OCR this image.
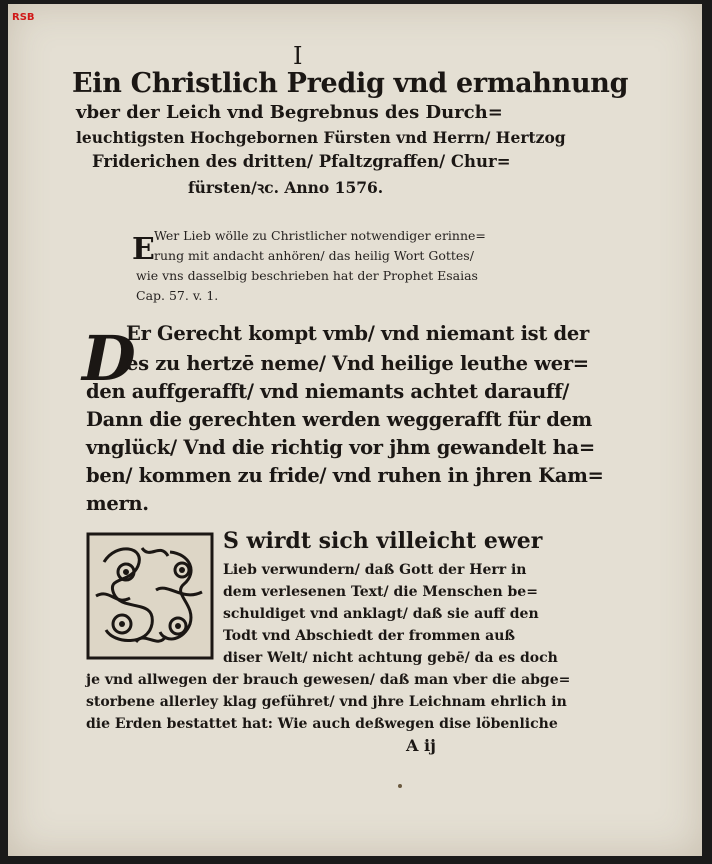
RSB
I
Ein Christlich Predig vnd ermahnung
vber der Leich vnd Begrebnus des Durch=
leuchtigsten Hochgebornen Fürsten vnd Herrn/ Hertzog
Friderichen des dritten/ Pfaltzgraffen/ Chur=
fürsten/ꝛc. Anno 1576.
E Wer Lieb wölle zu Christlicher notwendiger erinne=
rung mit andacht anhören/ das heilig Wort Gottes/
wie vns dasselbig beschrieben hat der Prophet Esaias
Cap. 57. v. 1.
D
Er Gerecht kompt vmb/ vnd niemant ist der
es zu hertzē neme/ Vnd heilige leuthe wer=
den auffgerafft/ vnd niemants achtet darauff/
Dann die gerechten werden weggerafft für dem
vnglück/ Vnd die richtig vor jhm gewandelt ha=
ben/ kommen zu fride/ vnd ruhen in jhren Kam=
mern.
S wirdt sich villeicht ewer
Lieb verwundern/ daß Gott der Herr in
dem verlesenen Text/ die Menschen be=
schuldiget vnd anklagt/ daß sie auff den
Todt vnd Abschiedt der frommen auß
diser Welt/ nicht achtung gebē/ da es doch
je vnd allwegen der brauch gewesen/ daß man vber die abge=
storbene allerley klag geführet/ vnd jhre Leichnam ehrlich in
die Erden bestattet hat: Wie auch deßwegen dise löbenliche
A ij
